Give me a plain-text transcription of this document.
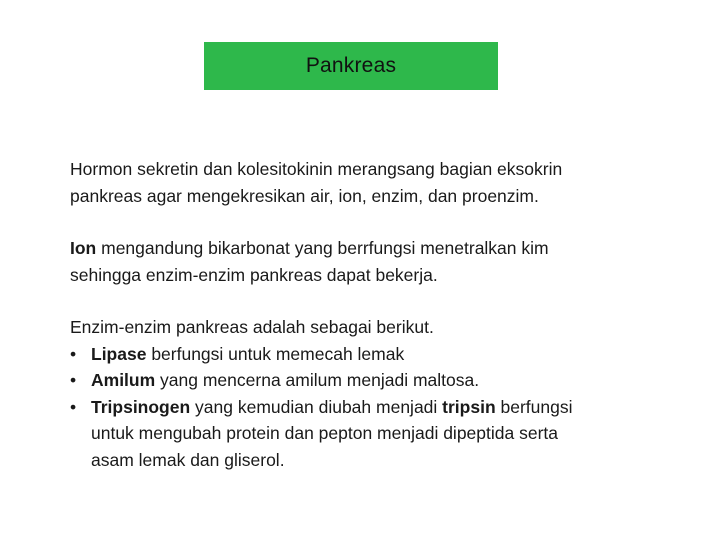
Pankreas

Hormon sekretin dan kolesitokinin merangsang bagian eksokrin
pankreas agar mengekresikan air, ion, enzim, dan proenzim.

Ion mengandung bikarbonat yang berrfungsi menetralkan kim
sehingga enzim-enzim pankreas dapat bekerja.

Enzim-enzim pankreas adalah sebagai berikut.
• Lipase berfungsi untuk memecah lemak
• Amilum yang mencerna amilum menjadi maltosa.
• Tripsinogen yang kemudian diubah menjadi tripsin berfungsi
untuk mengubah protein dan pepton menjadi dipeptida serta
asam lemak dan gliserol.
